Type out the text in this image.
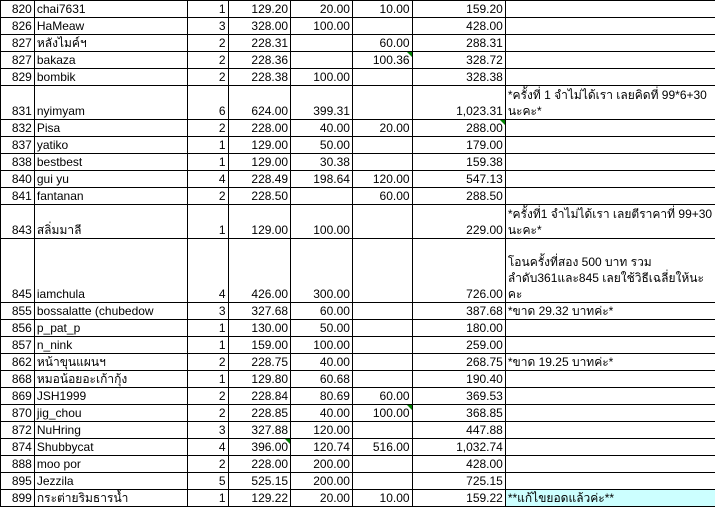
820	chai7631	1	129.20	20.00	10.00	159.20	
826	HaMeaw	3	328.00	100.00		428.00	
827	หลังไมค์ฯ	2	228.31		60.00	288.31	
827	bakaza	2	228.36		100.36	328.72	
829	bombik	2	228.38	100.00		328.38	
831	nyimyam	6	624.00	399.31		1,023.31	*ครั้งที่ 1 จำไม่ได้เรา เลยคิดที่ 99*6+30 นะคะ*
832	Pisa	2	228.00	40.00	20.00	288.00	
837	yatiko	1	129.00	50.00		179.00	
838	bestbest	1	129.00	30.38		159.38	
840	gui yu	4	228.49	198.64	120.00	547.13	
841	fantanan	2	228.50		60.00	288.50	
843	สลิ่มมาลี	1	129.00	100.00		229.00	*ครั้งที่1 จำไม่ได้เรา เลยตีราคาที่ 99+30 นะคะ*
845	iamchula	4	426.00	300.00		726.00	โอนครั้งที่สอง 500 บาท รวมลำดับ361และ845 เลยใช้วิธีเฉลี่ยให้นะคะ
855	bossalatte (chubedow	3	327.68	60.00		387.68	*ขาด 29.32 บาทค่ะ*
856	p_pat_p	1	130.00	50.00		180.00	
857	n_nink	1	159.00	100.00		259.00	
862	หน้าขุนแผนฯ	2	228.75	40.00		268.75	*ขาด 19.25 บาทค่ะ*
868	หมอน้อยอะเก้ากุ้ง	1	129.80	60.68		190.40	
869	JSH1999	2	228.84	80.69	60.00	369.53	
870	jig_chou	2	228.85	40.00	100.00	368.85	
872	NuHring	3	327.88	120.00		447.88	
874	Shubbycat	4	396.00	120.74	516.00	1,032.74	
888	moo por	2	228.00	200.00		428.00	
895	Jezzila	5	525.15	200.00		725.15	
899	กระต่ายริมธารน้ำ	1	129.22	20.00	10.00	159.22	**แก้ไขยอดแล้วค่ะ**
